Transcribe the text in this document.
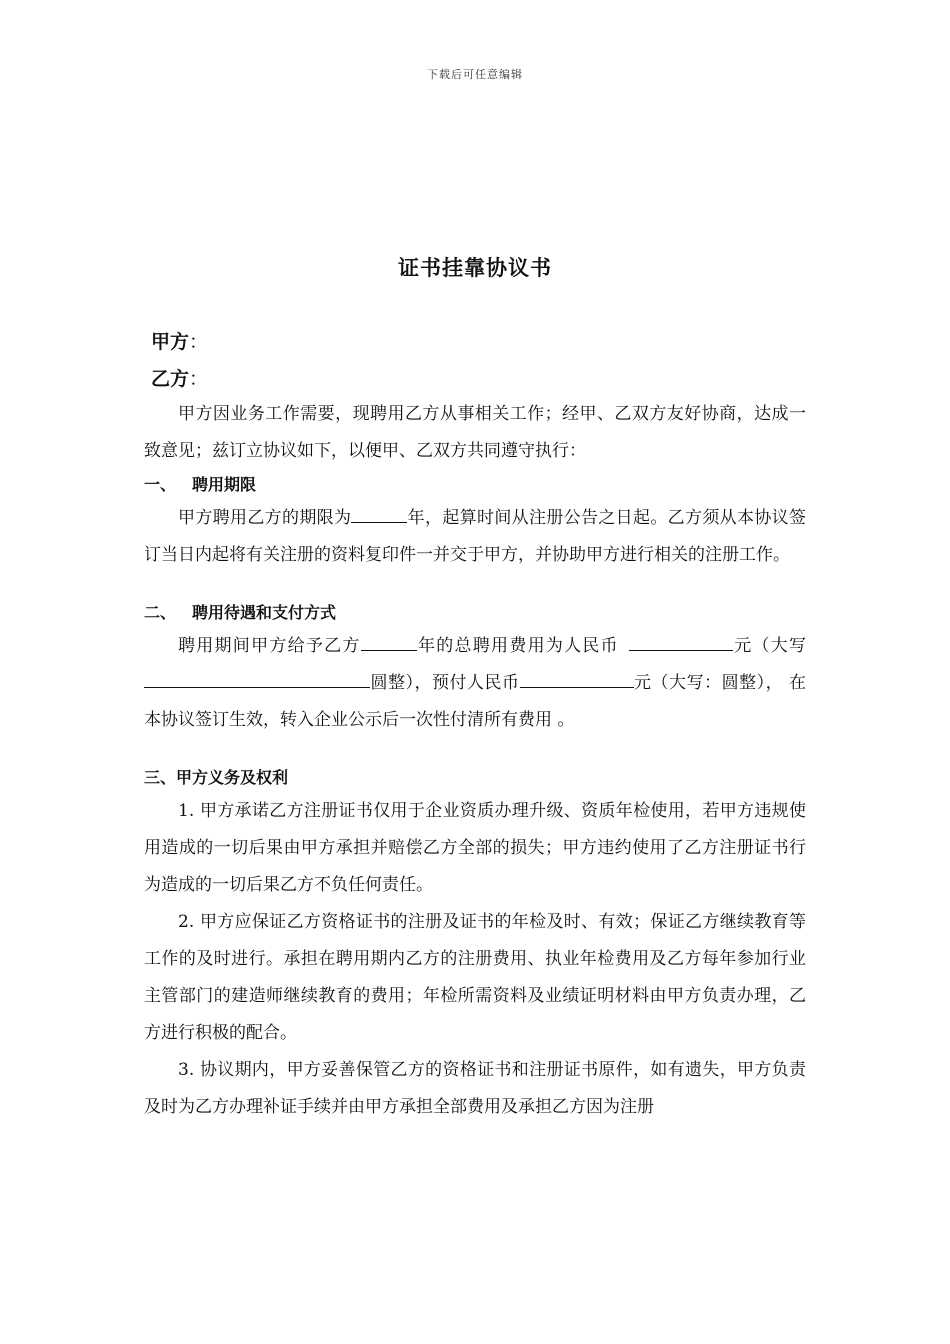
下载后可任意编辑
证书挂靠协议书
甲方：
乙方：

甲方因业务工作需要，现聘用乙方从事相关工作；经甲、乙双方友好协商，达成一致意见；兹订立协议如下，以便甲、乙双方共同遵守执行：

一、 聘用期限

甲方聘用乙方的期限为	年，起算时间从注册公告之日起。乙方须从本协议签订当日内起将有关注册的资料复印件一并交于甲方，并协助甲方进行相关的注册工作。

二、 聘用待遇和支付方式

聘用期间甲方给予乙方	年的总聘用费用为人民币	元（大写圆整），预付人民币	元（大写：圆整）， 在本协议签订生效，转入企业公示后一次性付清所有费用 。

三、甲方义务及权利

1. 甲方承诺乙方注册证书仅用于企业资质办理升级、资质年检使用，若甲方违规使用造成的一切后果由甲方承担并赔偿乙方全部的损失；甲方违约使用了乙方注册证书行为造成的一切后果乙方不负任何责任。

2. 甲方应保证乙方资格证书的注册及证书的年检及时、有效；保证乙方继续教育等工作的及时进行。承担在聘用期内乙方的注册费用、执业年检费用及乙方每年参加行业主管部门的建造师继续教育的费用；年检所需资料及业绩证明材料由甲方负责办理，乙方进行积极的配合。

3. 协议期内，甲方妥善保管乙方的资格证书和注册证书原件，如有遗失，甲方负责及时为乙方办理补证手续并由甲方承担全部费用及承担乙方因为注册
